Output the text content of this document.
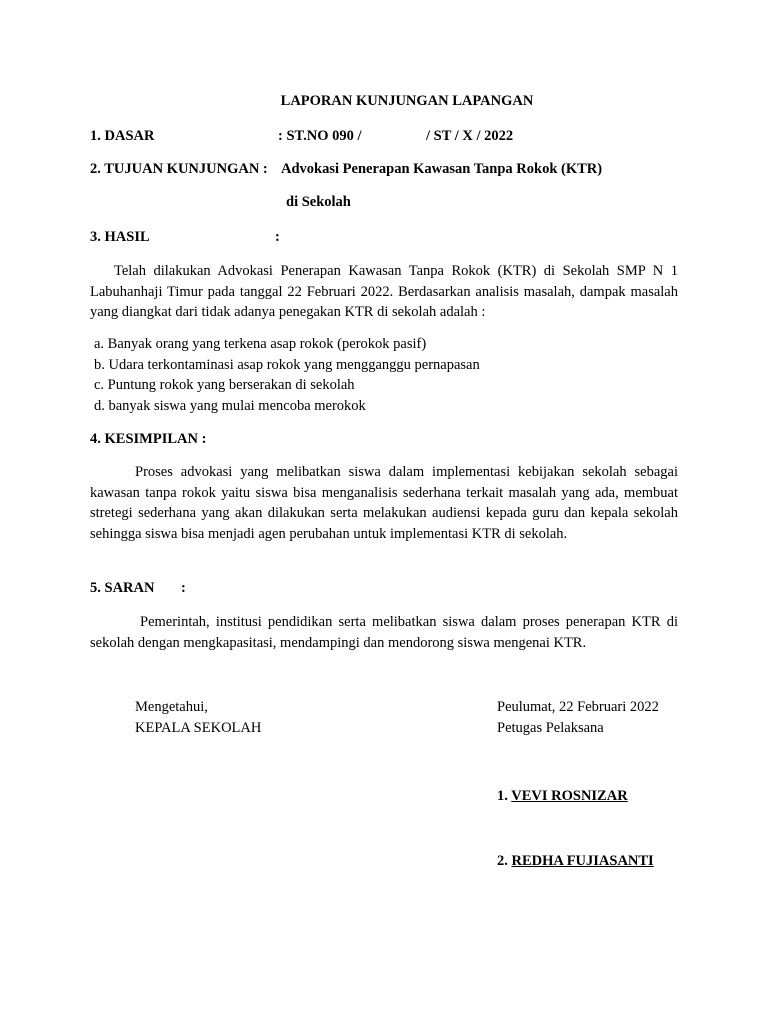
LAPORAN KUNJUNGAN LAPANGAN
1. DASAR	: ST.NO 090 /	/ ST / X / 2022
2. TUJUAN KUNJUNGAN : Advokasi Penerapan Kawasan Tanpa Rokok (KTR)
di Sekolah
3. HASIL	:
Telah dilakukan Advokasi Penerapan Kawasan Tanpa Rokok (KTR) di Sekolah SMP N 1 Labuhanhaji Timur pada tanggal 22 Februari 2022. Berdasarkan analisis masalah, dampak masalah yang diangkat dari tidak adanya penegakan KTR di sekolah adalah :
a. Banyak orang yang terkena asap rokok (perokok pasif)
b. Udara terkontaminasi asap rokok yang mengganggu pernapasan
c. Puntung rokok yang berserakan di sekolah
d. banyak siswa yang mulai mencoba merokok
4. KESIMPILAN :
Proses advokasi yang melibatkan siswa dalam implementasi kebijakan sekolah sebagai kawasan tanpa rokok yaitu siswa bisa menganalisis sederhana terkait masalah yang ada, membuat stretegi sederhana yang akan dilakukan serta melakukan audiensi kepada guru dan kepala sekolah sehingga siswa bisa menjadi agen perubahan untuk implementasi KTR di sekolah.
5. SARAN :
Pemerintah, institusi pendidikan serta melibatkan siswa dalam proses penerapan KTR di sekolah dengan mengkapasitasi, mendampingi dan mendorong siswa mengenai KTR.
Mengetahui,
KEPALA SEKOLAH
Peulumat, 22 Februari 2022
Petugas Pelaksana
1. VEVI ROSNIZAR
2. REDHA FUJIASANTI
